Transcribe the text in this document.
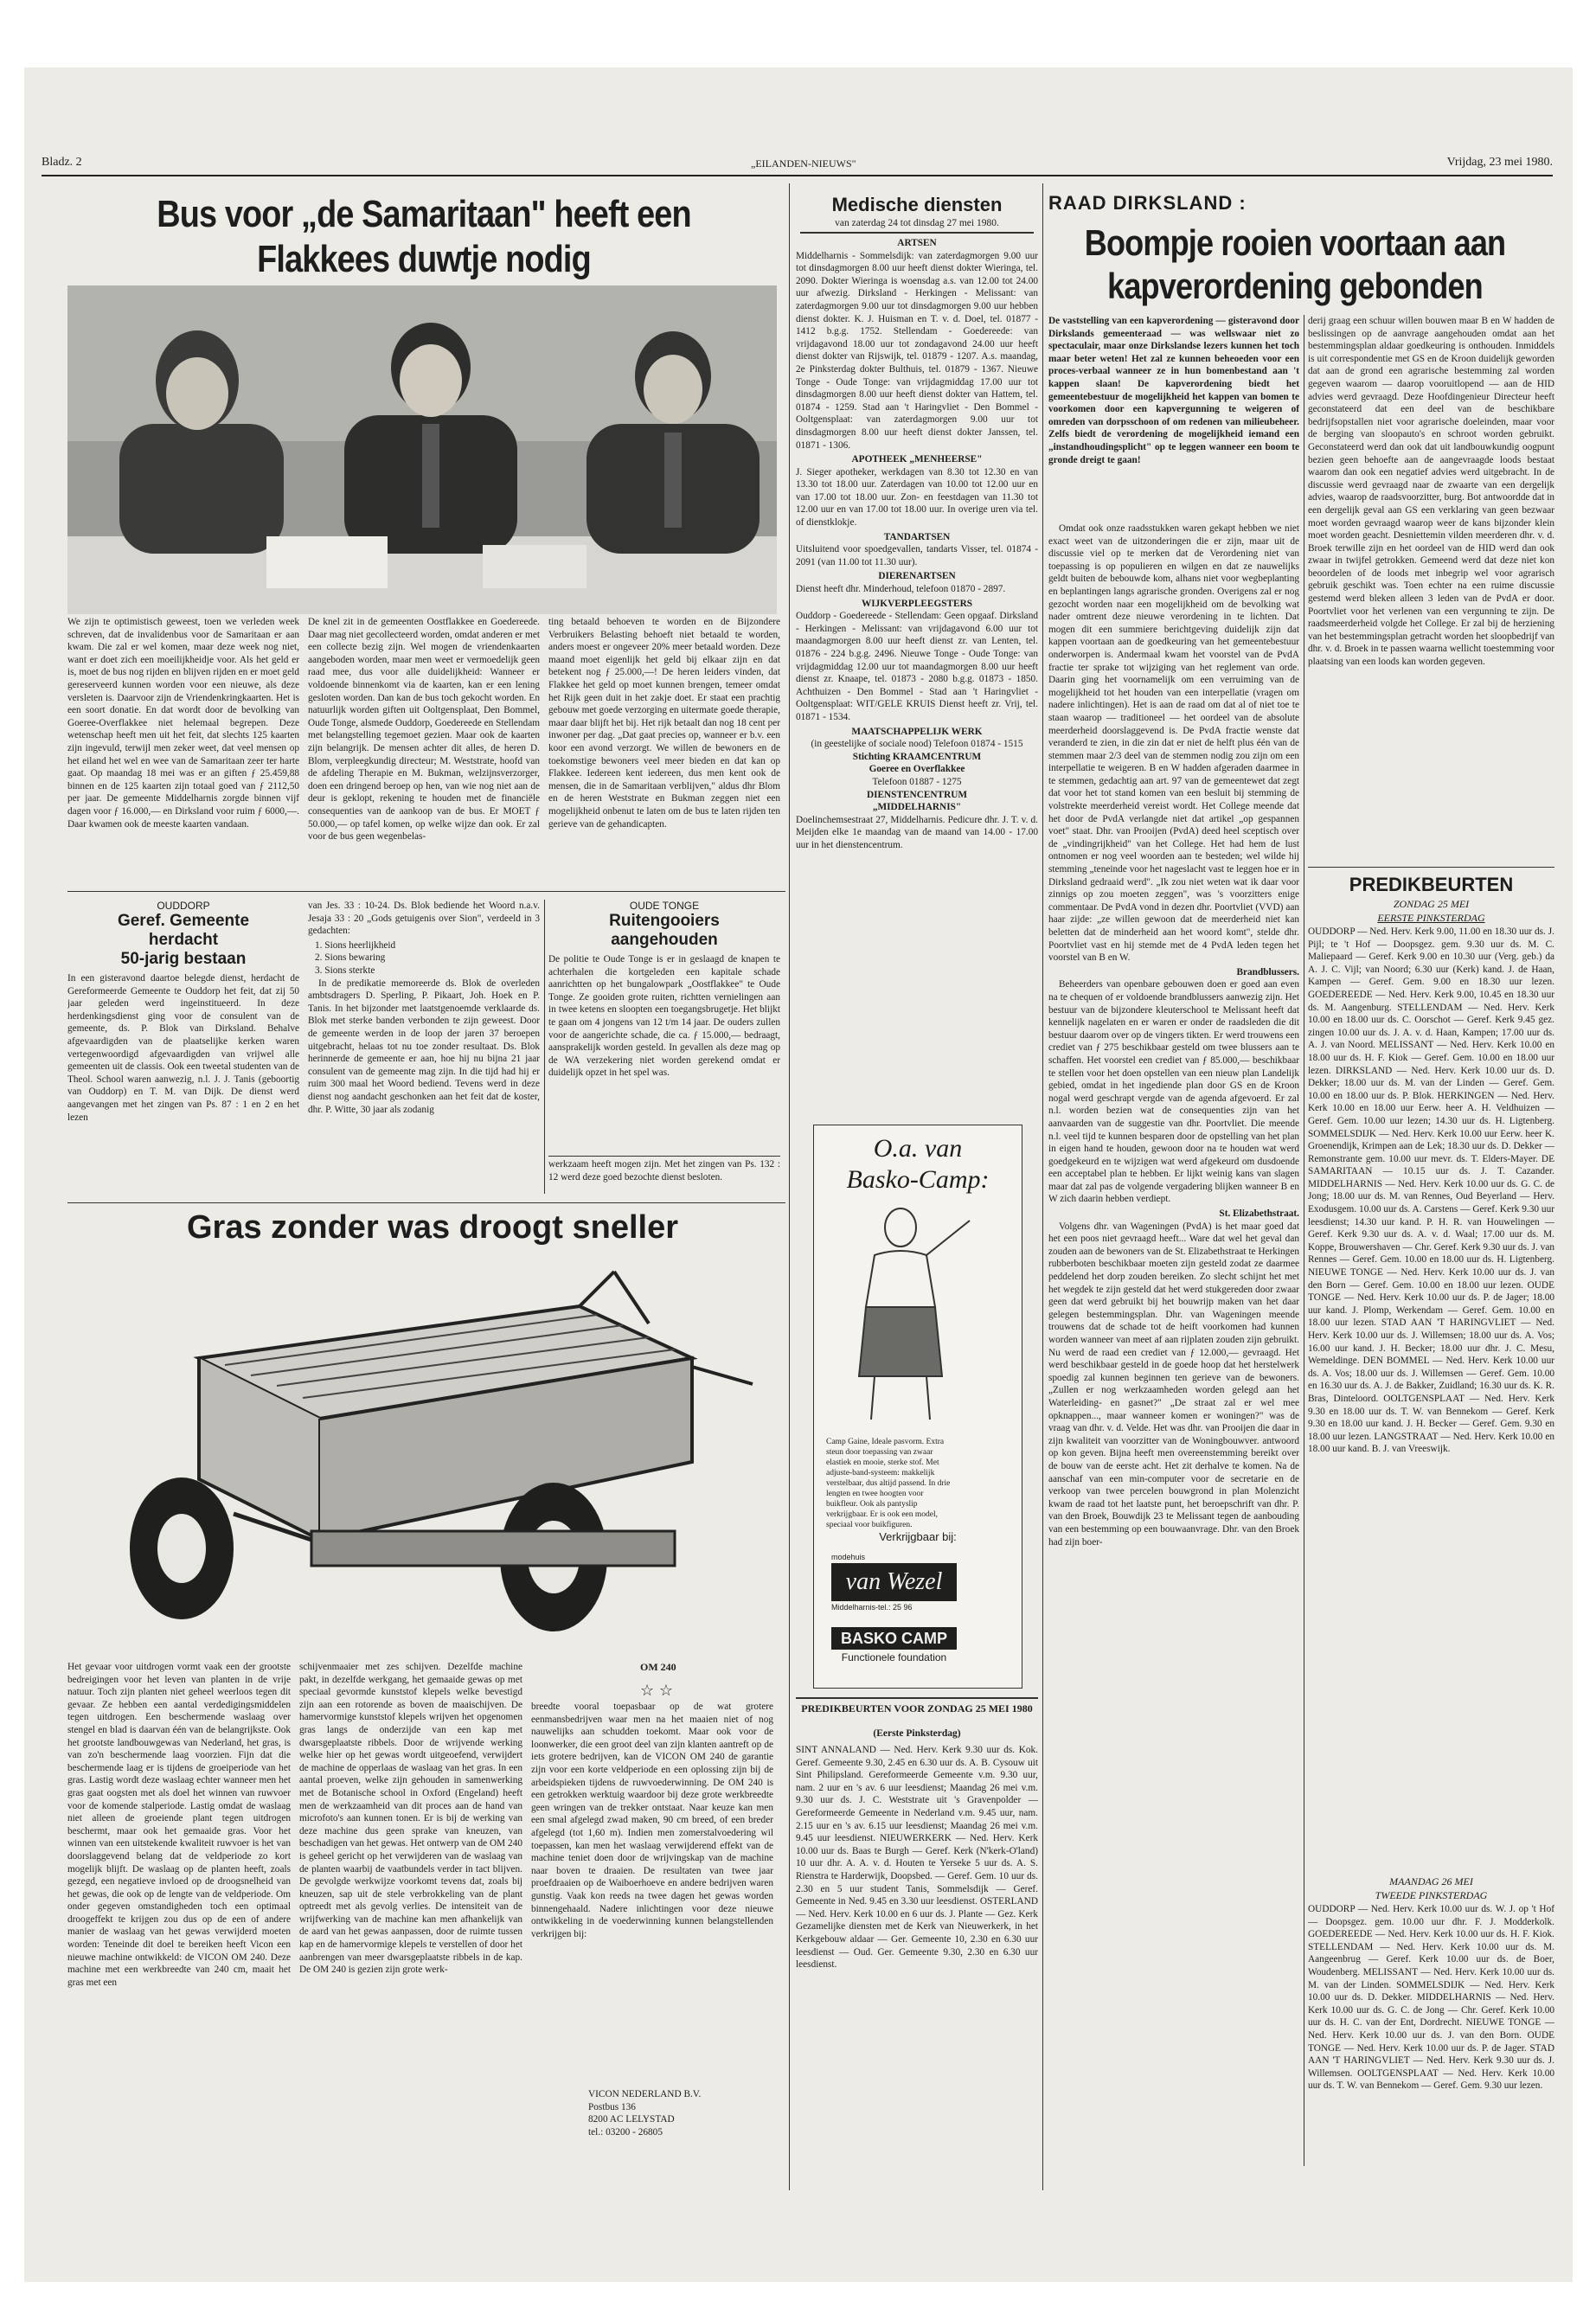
Bladz. 2	„EILANDEN-NIEUWS"	Vrijdag, 23 mei 1980.
Bus voor „de Samaritaan" heeft een
Flakkees duwtje nodig

We zijn te optimistisch geweest, toen we verleden week schreven, dat de invalidenbus voor de Samaritaan er aan kwam. Die zal er wel komen, maar deze week nog niet, want er doet zich een moeilijkheidje voor. Als het geld er is, moet de bus nog rijden en blijven rijden en er moet geld gereserveerd kunnen worden voor een nieuwe, als deze versleten is. Daarvoor zijn de Vriendenkringkaarten. Het is een soort donatie. En dat wordt door de bevolking van Goeree-Overflakkee niet helemaal begrepen. Deze wetenschap heeft men uit het feit, dat slechts 125 kaarten zijn ingevuld, terwijl men zeker weet, dat veel mensen op het eiland het wel en wee van de Samaritaan zeer ter harte gaat. Op maandag 18 mei was er an giften ƒ 25.459,88 binnen en de 125 kaarten zijn totaal goed van ƒ 2112,50 per jaar. De gemeente Middelharnis zorgde binnen vijf dagen voor ƒ 16.000,— en Dirksland voor ruim ƒ 6000,—. Daar kwamen ook de meeste kaarten vandaan.

De knel zit in de gemeenten Oostflakkee en Goedereede. Daar mag niet gecollecteerd worden, omdat anderen er met een collecte bezig zijn. Wel mogen de vriendenkaarten aangeboden worden, maar men weet er vermoedelijk geen raad mee, dus voor alle duidelijkheid: Wanneer er voldoende binnenkomt via de kaarten, kan er een lening gesloten worden. Dan kan de bus toch gekocht worden. En natuurlijk worden giften uit Ooltgensplaat, Den Bommel, Oude Tonge, alsmede Ouddorp, Goedereede en Stellendam met belangstelling tegemoet gezien. Maar ook de kaarten zijn belangrijk. De mensen achter dit alles, de heren D. Blom, verpleegkundig directeur; M. Weststrate, hoofd van de afdeling Therapie en M. Bukman, welzijnsverzorger, doen een dringend beroep op hen, van wie nog niet aan de deur is geklopt, rekening te houden met de financiële consequenties van de aankoop van de bus. Er MOET ƒ 50.000,— op tafel komen, op welke wijze dan ook. Er zal voor de bus geen wegenbelas-

ting betaald behoeven te worden en de Bijzondere Verbruikers Belasting behoeft niet betaald te worden, anders moest er ongeveer 20% meer betaald worden. Deze maand moet eigenlijk het geld bij elkaar zijn en dat betekent nog ƒ 25.000,—! De heren leiders vinden, dat Flakkee het geld op moet kunnen brengen, temeer omdat het Rijk geen duit in het zakje doet. Er staat een prachtig gebouw met goede verzorging en uitermate goede therapie, maar daar blijft het bij. Het rijk betaalt dan nog 18 cent per inwoner per dag. „Dat gaat precies op, wanneer er b.v. een koor een avond verzorgt. We willen de bewoners en de toekomstige bewoners veel meer bieden en dat kan op Flakkee. Iedereen kent iedereen, dus men kent ook de mensen, die in de Samaritaan verblijven," aldus dhr Blom en de heren Weststrate en Bukman zeggen niet een mogelijkheid onbenut te laten om de bus te laten rijden ten gerieve van de gehandicapten.

OUDDORP
Geref. Gemeente
herdacht
50-jarig bestaan

In een gisteravond daartoe belegde dienst, herdacht de Gereformeerde Gemeente te Ouddorp het feit, dat zij 50 jaar geleden werd ingeinstitueerd. In deze herdenkingsdienst ging voor de consulent van de gemeente, ds. P. Blok van Dirksland. Behalve afgevaardigden van de plaatselijke kerken waren vertegenwoordigd afgevaardigden van vrijwel alle gemeenten uit de classis. Ook een tweetal studenten van de Theol. School waren aanwezig, n.l. J. J. Tanis (geboortig van Ouddorp) en T. M. van Dijk. De dienst werd aangevangen met het zingen van Ps. 87 : 1 en 2 en het lezen

van Jes. 33 : 10-24. Ds. Blok bediende het Woord n.a.v. Jesaja 33 : 20 „Gods getuigenis over Sion", verdeeld in 3 gedachten:

1. Sions heerlijkheid
2. Sions bewaring
3. Sions sterkte

In de predikatie memoreerde ds. Blok de overleden ambtsdragers D. Sperling, P. Pikaart, Joh. Hoek en P. Tanis. In het bijzonder met laatstgenoemde verklaarde ds. Blok met sterke banden verbonden te zijn geweest. Door de gemeente werden in de loop der jaren 37 beroepen uitgebracht, helaas tot nu toe zonder resultaat. Ds. Blok herinnerde de gemeente er aan, hoe hij nu bijna 21 jaar consulent van de gemeente mag zijn. In die tijd had hij er ruim 300 maal het Woord bediend. Tevens werd in deze dienst nog aandacht geschonken aan het feit dat de koster, dhr. P. Witte, 30 jaar als zodanig

OUDE TONGE
Ruitengooiers
aangehouden

De politie te Oude Tonge is er in geslaagd de knapen te achterhalen die kortgeleden een kapitale schade aanrichtten op het bungalowpark „Oostflakkee" te Oude Tonge. Ze gooiden grote ruiten, richtten vernielingen aan in twee ketens en sloopten een toegangsbrugetje. Het blijkt te gaan om 4 jongens van 12 t/m 14 jaar. De ouders zullen voor de aangerichte schade, die ca. ƒ 15.000,— bedraagt, aansprakelijk worden gesteld. In gevallen als deze mag op de WA verzekering niet worden gerekend omdat er duidelijk opzet in het spel was.

werkzaam heeft mogen zijn. Met het zingen van Ps. 132 : 12 werd deze goed bezochte dienst besloten.

Gras zonder was droogt sneller
OM 240
☆ ☆

Het gevaar voor uitdrogen vormt vaak een der grootste bedreigingen voor het leven van planten in de vrije natuur. Toch zijn planten niet geheel weerloos tegen dit gevaar. Ze hebben een aantal verdedigingsmiddelen tegen uitdrogen. Een beschermende waslaag over stengel en blad is daarvan één van de belangrijkste. Ook het grootste landbouwgewas van Nederland, het gras, is van zo'n beschermende laag voorzien. Fijn dat die beschermende laag er is tijdens de groeiperiode van het gras. Lastig wordt deze waslaag echter wanneer men het gras gaat oogsten met als doel het winnen van ruwvoer voor de komende stalperiode. Lastig omdat de waslaag niet alleen de groeiende plant tegen uitdrogen beschermt, maar ook het gemaaide gras. Voor het winnen van een uitstekende kwaliteit ruwvoer is het van doorslaggevend belang dat de veldperiode zo kort mogelijk blijft. De waslaag op de planten heeft, zoals gezegd, een negatieve invloed op de droogsnelheid van het gewas, die ook op de lengte van de veldperiode. Om onder gegeven omstandigheden toch een optimaal droogeffekt te krijgen zou dus op de een of andere manier de waslaag van het gewas verwijderd moeten worden: Teneinde dit doel te bereiken heeft Vicon een nieuwe machine ontwikkeld: de VICON OM 240. Deze machine met een werkbreedte van 240 cm, maait het gras met een

schijvenmaaier met zes schijven. Dezelfde machine pakt, in dezelfde werkgang, het gemaaide gewas op met speciaal gevormde kunststof klepels welke bevestigd zijn aan een rotorende as boven de maaischijven. De hamervormige kunststof klepels wrijven het opgenomen gras langs de onderzijde van een kap met dwarsgeplaatste ribbels. Door de wrijvende werking welke hier op het gewas wordt uitgeoefend, verwijdert de machine de opperlaas de waslaag van het gras. In een aantal proeven, welke zijn gehouden in samenwerking met de Botanische school in Oxford (Engeland) heeft men de werkzaamheid van dit proces aan de hand van microfoto's aan kunnen tonen. Er is bij de werking van deze machine dus geen sprake van kneuzen, van beschadigen van het gewas. Het ontwerp van de OM 240 is geheel gericht op het verwijderen van de waslaag van de planten waarbij de vaatbundels verder in tact blijven. De gevolgde werkwijze voorkomt tevens dat, zoals bij kneuzen, sap uit de stele verbrokkeling van de plant optreedt met als gevolg verlies. De intensiteit van de wrijfwerking van de machine kan men afhankelijk van de aard van het gewas aanpassen, door de ruimte tussen kap en de hamervormige klepels te verstellen of door het aanbrengen van meer dwarsgeplaatste ribbels in de kap. De OM 240 is gezien zijn grote werk-

breedte vooral toepasbaar op de wat grotere eenmansbedrijven waar men na het maaien niet of nog nauwelijks aan schudden toekomt. Maar ook voor de loonwerker, die een groot deel van zijn klanten aantreft op de iets grotere bedrijven, kan de VICON OM 240 de garantie zijn voor een korte veldperiode en een oplossing zijn bij de arbeidspieken tijdens de ruwvoederwinning. De OM 240 is een getrokken werktuig waardoor bij deze grote werkbreedte geen wringen van de trekker ontstaat. Naar keuze kan men een smal afgelegd zwad maken, 90 cm breed, of een breder afgelegd (tot 1,60 m). Indien men zomerstalvoedering wil toepassen, kan men het waslaag verwijderend effekt van de machine teniet doen door de wrijvingskap van de machine naar boven te draaien. De resultaten van twee jaar proefdraaien op de Waiboerhoeve en andere bedrijven waren gunstig. Vaak kon reeds na twee dagen het gewas worden binnengehaald. Nadere inlichtingen voor deze nieuwe ontwikkeling in de voederwinning kunnen belangstellenden verkrijgen bij:

VICON NEDERLAND B.V.
Postbus 136
8200 AC LELYSTAD
tel.: 03200 - 26805
Medische diensten
van zaterdag 24 tot dinsdag 27 mei 1980.
ARTSEN

Middelharnis - Sommelsdijk: van zaterdagmorgen 9.00 uur tot dinsdagmorgen 8.00 uur heeft dienst dokter Wieringa, tel. 2090. Dokter Wieringa is woensdag a.s. van 12.00 tot 24.00 uur afwezig. Dirksland - Herkingen - Melissant: van zaterdagmorgen 9.00 uur tot dinsdagmorgen 9.00 uur hebben dienst dokter. K. J. Huisman en T. v. d. Doel, tel. 01877 - 1412 b.g.g. 1752. Stellendam - Goedereede: van vrijdagavond 18.00 uur tot zondagavond 24.00 uur heeft dienst dokter van Rijswijk, tel. 01879 - 1207. A.s. maandag, 2e Pinksterdag dokter Bulthuis, tel. 01879 - 1367. Nieuwe Tonge - Oude Tonge: van vrijdagmiddag 17.00 uur tot dinsdagmorgen 8.00 uur heeft dienst dokter van Hattem, tel. 01874 - 1259. Stad aan 't Haringvliet - Den Bommel - Ooltgensplaat: van zaterdagmorgen 9.00 uur tot dinsdagmorgen 8.00 uur heeft dienst dokter Janssen, tel. 01871 - 1306.

APOTHEEK „MENHEERSE"

J. Sieger apotheker, werkdagen van 8.30 tot 12.30 en van 13.30 tot 18.00 uur. Zaterdagen van 10.00 tot 12.00 uur en van 17.00 tot 18.00 uur. Zon- en feestdagen van 11.30 tot 12.00 uur en van 17.00 tot 18.00 uur. In overige uren via tel. of dienstklokje.

TANDARTSEN

Uitsluitend voor spoedgevallen, tandarts Visser, tel. 01874 - 2091 (van 11.00 tot 11.30 uur).

DIERENARTSEN

Dienst heeft dhr. Minderhoud, telefoon 01870 - 2897.

WIJKVERPLEEGSTERS

Ouddorp - Goedereede - Stellendam: Geen opgaaf. Dirksland - Herkingen - Melissant: van vrijdagavond 6.00 uur tot maandagmorgen 8.00 uur heeft dienst zr. van Lenten, tel. 01876 - 224 b.g.g. 2496. Nieuwe Tonge - Oude Tonge: van vrijdagmiddag 12.00 uur tot maandagmorgen 8.00 uur heeft dienst zr. Knaape, tel. 01873 - 2080 b.g.g. 01873 - 1850. Achthuizen - Den Bommel - Stad aan 't Haringvliet - Ooltgensplaat: WIT/GELE KRUIS Dienst heeft zr. Vrij, tel. 01871 - 1534.

MAATSCHAPPELIJK WERK
(in geestelijke of sociale nood) Telefoon 01874 - 1515
Stichting KRAAMCENTRUM
Goeree en Overflakkee
Telefoon 01887 - 1275
DIENSTENCENTRUM
„MIDDELHARNIS"

Doelinchemsestraat 27, Middelharnis. Pedicure dhr. J. T. v. d. Meijden elke 1e maandag van de maand van 14.00 - 17.00 uur in het dienstencentrum.

O.a. van
Basko-Camp:
Camp Gaine, Ideale pasvorm. Extra steun door toepassing van zwaar elastiek en mooie, sterke stof. Met adjuste-band-systeem: makkelijk verstelbaar, dus altijd passend. In drie lengten en twee hoogten voor buikfleur. Ook als pantyslip verkrijgbaar. Er is ook een model, speciaal voor buikfiguren.
Verkrijgbaar bij:
modehuis
van Wezel
Middelharnis-tel.: 25 96
BASKO CAMP
Functionele foundation
PREDIKBEURTEN VOOR ZONDAG 25 MEI 1980
(Eerste Pinksterdag)

SINT ANNALAND — Ned. Herv. Kerk 9.30 uur ds. Kok. Geref. Gemeente 9.30, 2.45 en 6.30 uur ds. A. B. Cysouw uit Sint Philipsland. Gereformeerde Gemeente v.m. 9.30 uur, nam. 2 uur en 's av. 6 uur leesdienst; Maandag 26 mei v.m. 9.30 uur ds. J. C. Weststrate uit 's Gravenpolder — Gereformeerde Gemeente in Nederland v.m. 9.45 uur, nam. 2.15 uur en 's av. 6.15 uur leesdienst; Maandag 26 mei v.m. 9.45 uur leesdienst. NIEUWERKERK — Ned. Herv. Kerk 10.00 uur ds. Baas te Burgh — Geref. Kerk (N'kerk-O'land) 10 uur dhr. A. A. v. d. Houten te Yerseke 5 uur ds. A. S. Rienstra te Harderwijk, Doopsbed. — Geref. Gem. 10 uur ds. 2.30 en 5 uur student Tanis, Sommelsdijk — Geref. Gemeente in Ned. 9.45 en 3.30 uur leesdienst. OSTERLAND — Ned. Herv. Kerk 10.00 en 6 uur ds. J. Plante — Gez. Kerk Gezamelijke diensten met de Kerk van Nieuwerkerk, in het Kerkgebouw aldaar — Ger. Gemeente 10, 2.30 en 6.30 uur leesdienst — Oud. Ger. Gemeente 9.30, 2.30 en 6.30 uur leesdienst.

RAAD DIRKSLAND :
Boompje rooien voortaan aan
kapverordening gebonden

De vaststelling van een kapverordening — gisteravond door Dirkslands gemeenteraad — was wellswaar niet zo spectaculair, maar onze Dirkslandse lezers kunnen het toch maar beter weten! Het zal ze kunnen beheoeden voor een proces-verbaal wanneer ze in hun bomenbestand aan 't kappen slaan! De kapverordening biedt het gemeentebestuur de mogelijkheid het kappen van bomen te voorkomen door een kapvergunning te weigeren of omreden van dorpsschoon of om redenen van milieubeheer. Zelfs biedt de verordening de mogelijkheid iemand een „instandhoudingsplicht" op te leggen wanneer een boom te gronde dreigt te gaan!

Omdat ook onze raadsstukken waren gekapt hebben we niet exact weet van de uitzonderingen die er zijn, maar uit de discussie viel op te merken dat de Verordening niet van toepassing is op populieren en wilgen en dat ze nauwelijks geldt buiten de bebouwde kom, alhans niet voor wegbeplanting en beplantingen langs agrarische gronden. Overigens zal er nog gezocht worden naar een mogelijkheid om de bevolking wat nader omtrent deze nieuwe verordening in te lichten. Dat mogen dit een summiere berichtgeving duidelijk zijn dat kappen voortaan aan de goedkeuring van het gemeentebestuur onderworpen is. Andermaal kwam het voorstel van de PvdA fractie ter sprake tot wijziging van het reglement van orde. Daarin ging het voornamelijk om een verruiming van de mogelijkheid tot het houden van een interpellatie (vragen om nadere inlichtingen). Het is aan de raad om dat al of niet toe te staan waarop — traditioneel — het oordeel van de absolute meerderheid doorslaggevend is. De PvdA fractie wenste dat veranderd te zien, in die zin dat er niet de helft plus één van de stemmen maar 2/3 deel van de stemmen nodig zou zijn om een interpellatie te weigeren. B en W hadden afgeraden daarmee in te stemmen, gedachtig aan art. 97 van de gemeentewet dat zegt dat voor het tot stand komen van een besluit bij stemming de volstrekte meerderheid vereist wordt. Het College meende dat het door de PvdA verlangde niet dat artikel „op gespannen voet" staat. Dhr. van Prooijen (PvdA) deed heel sceptisch over de „vindingrijkheid" van het College. Het had hem de lust ontnomen er nog veel woorden aan te besteden; wel wilde hij stemming „teneinde voor het nageslacht vast te leggen hoe er in Dirksland gedraaid werd". „Ik zou niet weten wat ik daar voor zinnigs op zou moeten zeggen", was 's voorzitters enige commentaar. De PvdA vond in dezen dhr. Poortvliet (VVD) aan haar zijde: „ze willen gewoon dat de meerderheid niet kan beletten dat de minderheid aan het woord komt", stelde dhr. Poortvliet vast en hij stemde met de 4 PvdA leden tegen het voorstel van B en W.

Brandblussers.

Beheerders van openbare gebouwen doen er goed aan even na te chequen of er voldoende brandblussers aanwezig zijn. Het bestuur van de bijzondere kleuterschool te Melissant heeft dat kennelijk nagelaten en er waren er onder de raadsleden die dit bestuur daarom over op de vingers tikten. Er werd trouwens een crediet van ƒ 275 beschikbaar gesteld om twee blussers aan te schaffen. Het voorstel een crediet van ƒ 85.000,— beschikbaar te stellen voor het doen opstellen van een nieuw plan Landelijk gebied, omdat in het ingediende plan door GS en de Kroon nogal werd geschrapt vergde van de agenda afgevoerd. Er zal n.l. worden bezien wat de consequenties zijn van het aanvaarden van de suggestie van dhr. Poortvliet. Die meende n.l. veel tijd te kunnen besparen door de opstelling van het plan in eigen hand te houden, gewoon door na te houden wat werd goedgekeurd en te wijzigen wat werd afgekeurd om dusdoende een acceptabel plan te hebben. Er lijkt weinig kans van slagen maar dat zal pas de volgende vergadering blijken wanneer B en W zich daarin hebben verdiept.

St. Elizabethstraat.

Volgens dhr. van Wageningen (PvdA) is het maar goed dat het een poos niet gevraagd heeft... Ware dat wel het geval dan zouden aan de bewoners van de St. Elizabethstraat te Herkingen rubberboten beschikbaar moeten zijn gesteld zodat ze daarmee peddelend het dorp zouden bereiken. Zo slecht schijnt het met het wegdek te zijn gesteld dat het werd stukgereden door zwaar geen dat werd gebruikt bij het bouwrijp maken van het daar gelegen bestemmingsplan. Dhr. van Wageningen meende trouwens dat de schade tot de heift voorkomen had kunnen worden wanneer van meet af aan rijplaten zouden zijn gebruikt. Nu werd de raad een crediet van ƒ 12.000,— gevraagd. Het werd beschikbaar gesteld in de goede hoop dat het herstelwerk spoedig zal kunnen beginnen ten gerieve van de bewoners. „Zullen er nog werkzaamheden worden gelegd aan het Waterleiding- en gasnet?" „De straat zal er wel mee opknappen..., maar wanneer komen er woningen?" was de vraag van dhr. v. d. Velde. Het was dhr. van Prooijen die daar in zijn kwaliteit van voorzitter van de Woningbouwver. antwoord op kon geven. Bijna heeft men overeenstemming bereikt over de bouw van de eerste acht. Het zit derhalve te komen. Na de aanschaf van een min-computer voor de secretarie en de verkoop van twee percelen bouwgrond in plan Molenzicht kwam de raad tot het laatste punt, het beroepschrift van dhr. P. van den Broek, Bouwdijk 23 te Melissant tegen de aanbouding van een bestemming op een bouwaanvrage. Dhr. van den Broek had zijn boer-

derij graag een schuur willen bouwen maar B en W hadden de beslissingen op de aanvrage aangehouden omdat aan het bestemmingsplan aldaar goedkeuring is onthouden. Inmiddels is uit correspondentie met GS en de Kroon duidelijk geworden dat aan de grond een agrarische bestemming zal worden gegeven waarom — daarop vooruitlopend — aan de HID advies werd gevraagd. Deze Hoofdingenieur Directeur heeft geconstateerd dat een deel van de beschikbare bedrijfsopstallen niet voor agrarische doeleinden, maar voor de berging van sloopauto's en schroot worden gebruikt. Geconstateerd werd dan ook dat uit landbouwkundig oogpunt bezien geen behoefte aan de aangevraagde loods bestaat waarom dan ook een negatief advies werd uitgebracht. In de discussie werd gevraagd naar de zwaarte van een dergelijk advies, waarop de raadsvoorzitter, burg. Bot antwoordde dat in een dergelijk geval aan GS een verklaring van geen bezwaar moet worden gevraagd waarop weer de kans bijzonder klein moet worden geacht. Desniettemin vilden meerderen dhr. v. d. Broek terwille zijn en het oordeel van de HID werd dan ook zwaar in twijfel getrokken. Gemeend werd dat deze niet kon beoordelen of de loods met inbegrip wel voor agrarisch gebruik geschikt was. Toen echter na een ruime discussie gestemd werd bleken alleen 3 leden van de PvdA er door. Poortvliet voor het verlenen van een vergunning te zijn. De raadsmeerderheid volgde het College. Er zal bij de herziening van het bestemmingsplan getracht worden het sloopbedrijf van dhr. v. d. Broek in te passen waarna wellicht toestemming voor plaatsing van een loods kan worden gegeven.

PREDIKBEURTEN
ZONDAG 25 MEI
EERSTE PINKSTERDAG

OUDDORP — Ned. Herv. Kerk 9.00, 11.00 en 18.30 uur ds. J. Pijl; te 't Hof — Doopsgez. gem. 9.30 uur ds. M. C. Maliepaard — Geref. Kerk 9.00 en 10.30 uur (Verg. geb.) da A. J. C. Vijl; van Noord; 6.30 uur (Kerk) kand. J. de Haan, Kampen — Geref. Gem. 9.00 en 18.30 uur lezen. GOEDEREEDE — Ned. Herv. Kerk 9.00, 10.45 en 18.30 uur ds. M. Aangenburg. STELLENDAM — Ned. Herv. Kerk 10.00 en 18.00 uur ds. C. Oorschot — Geref. Kerk 9.45 gez. zingen 10.00 uur ds. J. A. v. d. Haan, Kampen; 17.00 uur ds. A. J. van Noord. MELISSANT — Ned. Herv. Kerk 10.00 en 18.00 uur ds. H. F. Kiok — Geref. Gem. 10.00 en 18.00 uur lezen. DIRKSLAND — Ned. Herv. Kerk 10.00 uur ds. D. Dekker; 18.00 uur ds. M. van der Linden — Geref. Gem. 10.00 en 18.00 uur ds. P. Blok. HERKINGEN — Ned. Herv. Kerk 10.00 en 18.00 uur Eerw. heer A. H. Veldhuizen — Geref. Gem. 10.00 uur lezen; 14.30 uur ds. H. Ligtenberg. SOMMELSDIJK — Ned. Herv. Kerk 10.00 uur Eerw. heer K. Groenendijk, Krimpen aan de Lek; 18.30 uur ds. D. Dekker — Remonstrante gem. 10.00 uur mevr. ds. T. Elders-Mayer. DE SAMARITAAN — 10.15 uur ds. J. T. Cazander. MIDDELHARNIS — Ned. Herv. Kerk 10.00 uur ds. G. C. de Jong; 18.00 uur ds. M. van Rennes, Oud Beyerland — Herv. Exodusgem. 10.00 uur ds. A. Carstens — Geref. Kerk 9.30 uur leesdienst; 14.30 uur kand. P. H. R. van Houwelingen — Geref. Kerk 9.30 uur ds. A. v. d. Waal; 17.00 uur ds. M. Koppe, Brouwershaven — Chr. Geref. Kerk 9.30 uur ds. J. van Rennes — Geref. Gem. 10.00 en 18.00 uur ds. H. Ligtenberg. NIEUWE TONGE — Ned. Herv. Kerk 10.00 uur ds. J. van den Born — Geref. Gem. 10.00 en 18.00 uur lezen. OUDE TONGE — Ned. Herv. Kerk 10.00 uur ds. P. de Jager; 18.00 uur kand. J. Plomp, Werkendam — Geref. Gem. 10.00 en 18.00 uur lezen. STAD AAN 'T HARINGVLIET — Ned. Herv. Kerk 10.00 uur ds. J. Willemsen; 18.00 uur ds. A. Vos; 16.00 uur kand. J. H. Becker; 18.00 uur dhr. J. C. Mesu, Wemeldinge. DEN BOMMEL — Ned. Herv. Kerk 10.00 uur ds. A. Vos; 18.00 uur ds. J. Willemsen — Geref. Gem. 10.00 en 16.30 uur ds. A. J. de Bakker, Zuidland; 16.30 uur ds. K. R. Bras, Dinteloord. OOLTGENSPLAAT — Ned. Herv. Kerk 9.30 en 18.00 uur ds. T. W. van Bennekom — Geref. Kerk 9.30 en 18.00 uur kand. J. H. Becker — Geref. Gem. 9.30 en 18.00 uur lezen. LANGSTRAAT — Ned. Herv. Kerk 10.00 en 18.00 uur kand. B. J. van Vreeswijk.

MAANDAG 26 MEI
TWEEDE PINKSTERDAG

OUDDORP — Ned. Herv. Kerk 10.00 uur ds. W. J. op 't Hof — Doopsgez. gem. 10.00 uur dhr. F. J. Modderkolk. GOEDEREEDE — Ned. Herv. Kerk 10.00 uur ds. H. F. Kiok. STELLENDAM — Ned. Herv. Kerk 10.00 uur ds. M. Aangeenbrug — Geref. Kerk 10.00 uur ds. de Boer, Woudenberg. MELISSANT — Ned. Herv. Kerk 10.00 uur ds. M. van der Linden. SOMMELSDIJK — Ned. Herv. Kerk 10.00 uur ds. D. Dekker. MIDDELHARNIS — Ned. Herv. Kerk 10.00 uur ds. G. C. de Jong — Chr. Geref. Kerk 10.00 uur ds. H. C. van der Ent, Dordrecht. NIEUWE TONGE — Ned. Herv. Kerk 10.00 uur ds. J. van den Born. OUDE TONGE — Ned. Herv. Kerk 10.00 uur ds. P. de Jager. STAD AAN 'T HARINGVLIET — Ned. Herv. Kerk 9.30 uur ds. J. Willemsen. OOLTGENSPLAAT — Ned. Herv. Kerk 10.00 uur ds. T. W. van Bennekom — Geref. Gem. 9.30 uur lezen.
